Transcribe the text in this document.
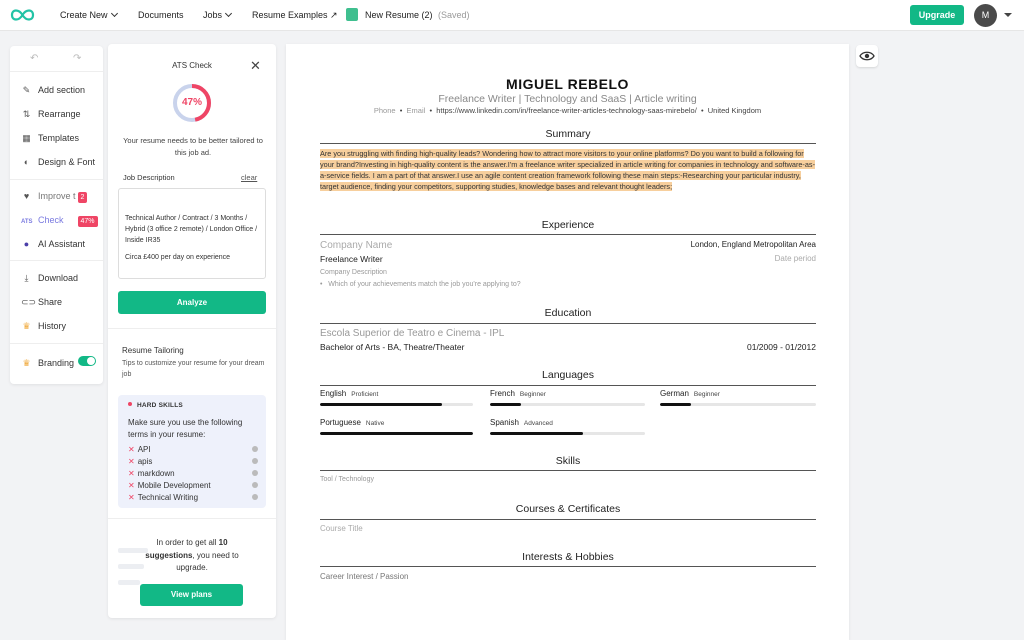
Create New	Documents Jobs	Resume Examples ↗	New Resume (2) (Saved)	Upgrade	M
↶	↷
✎ Add section
⇅ Rearrange
▦ Templates
◐ Design & Font
♥ Improve t 2
ATS Check 47%
● AI Assistant
⤓ Download
⊂⊃ Share
♛ History
♛ Branding
ATS Check	✕
47%
Your resume needs to be better tailored to this job ad.
Job Description	clear

Technical Author / Contract / 3 Months / Hybrid (3 office 2 remote) / London Office / Inside IR35

Circa £400 per day on experience

Analyze
Resume Tailoring
Tips to customize your resume for your dream job
HARD SKILLS
Make sure you use the following terms in your resume:
✕ API
✕ apis
✕ markdown
✕ Mobile Development
✕ Technical Writing
In order to get all 10
suggestions, you need to upgrade.
View plans
MIGUEL REBELO
Freelance Writer | Technology and SaaS | Article writing
Phone  •  Email  •  https://www.linkedin.com/in/freelance-writer-articles-technology-saas-mirebelo/  •  United Kingdom
Summary
Are you struggling with finding high-quality leads? Wondering how to attract more visitors to your online platforms? Do you want to build a following for your brand?Investing in high-quality content is the answer.I'm a freelance writer specialized in article writing for companies in technology and software-as-a-service fields. I am a part of that answer.I use an agile content creation framework following these main steps:-Researching your particular industry, target audience, finding your competitors, supporting studies, knowledge bases and relevant thought leaders;
Experience
Company Name	London, England Metropolitan Area
Freelance Writer	Date period
Company Description
•   Which of your achievements match the job you're applying to?
Education
Escola Superior de Teatro e Cinema - IPL
Bachelor of Arts - BA, Theatre/Theater	01/2009 - 01/2012
Languages
English Proficient	French Beginner	German Beginner
Portuguese Native	Spanish Advanced
Skills
Tool / Technology
Courses & Certificates
Course Title
Interests & Hobbies
Career Interest / Passion
